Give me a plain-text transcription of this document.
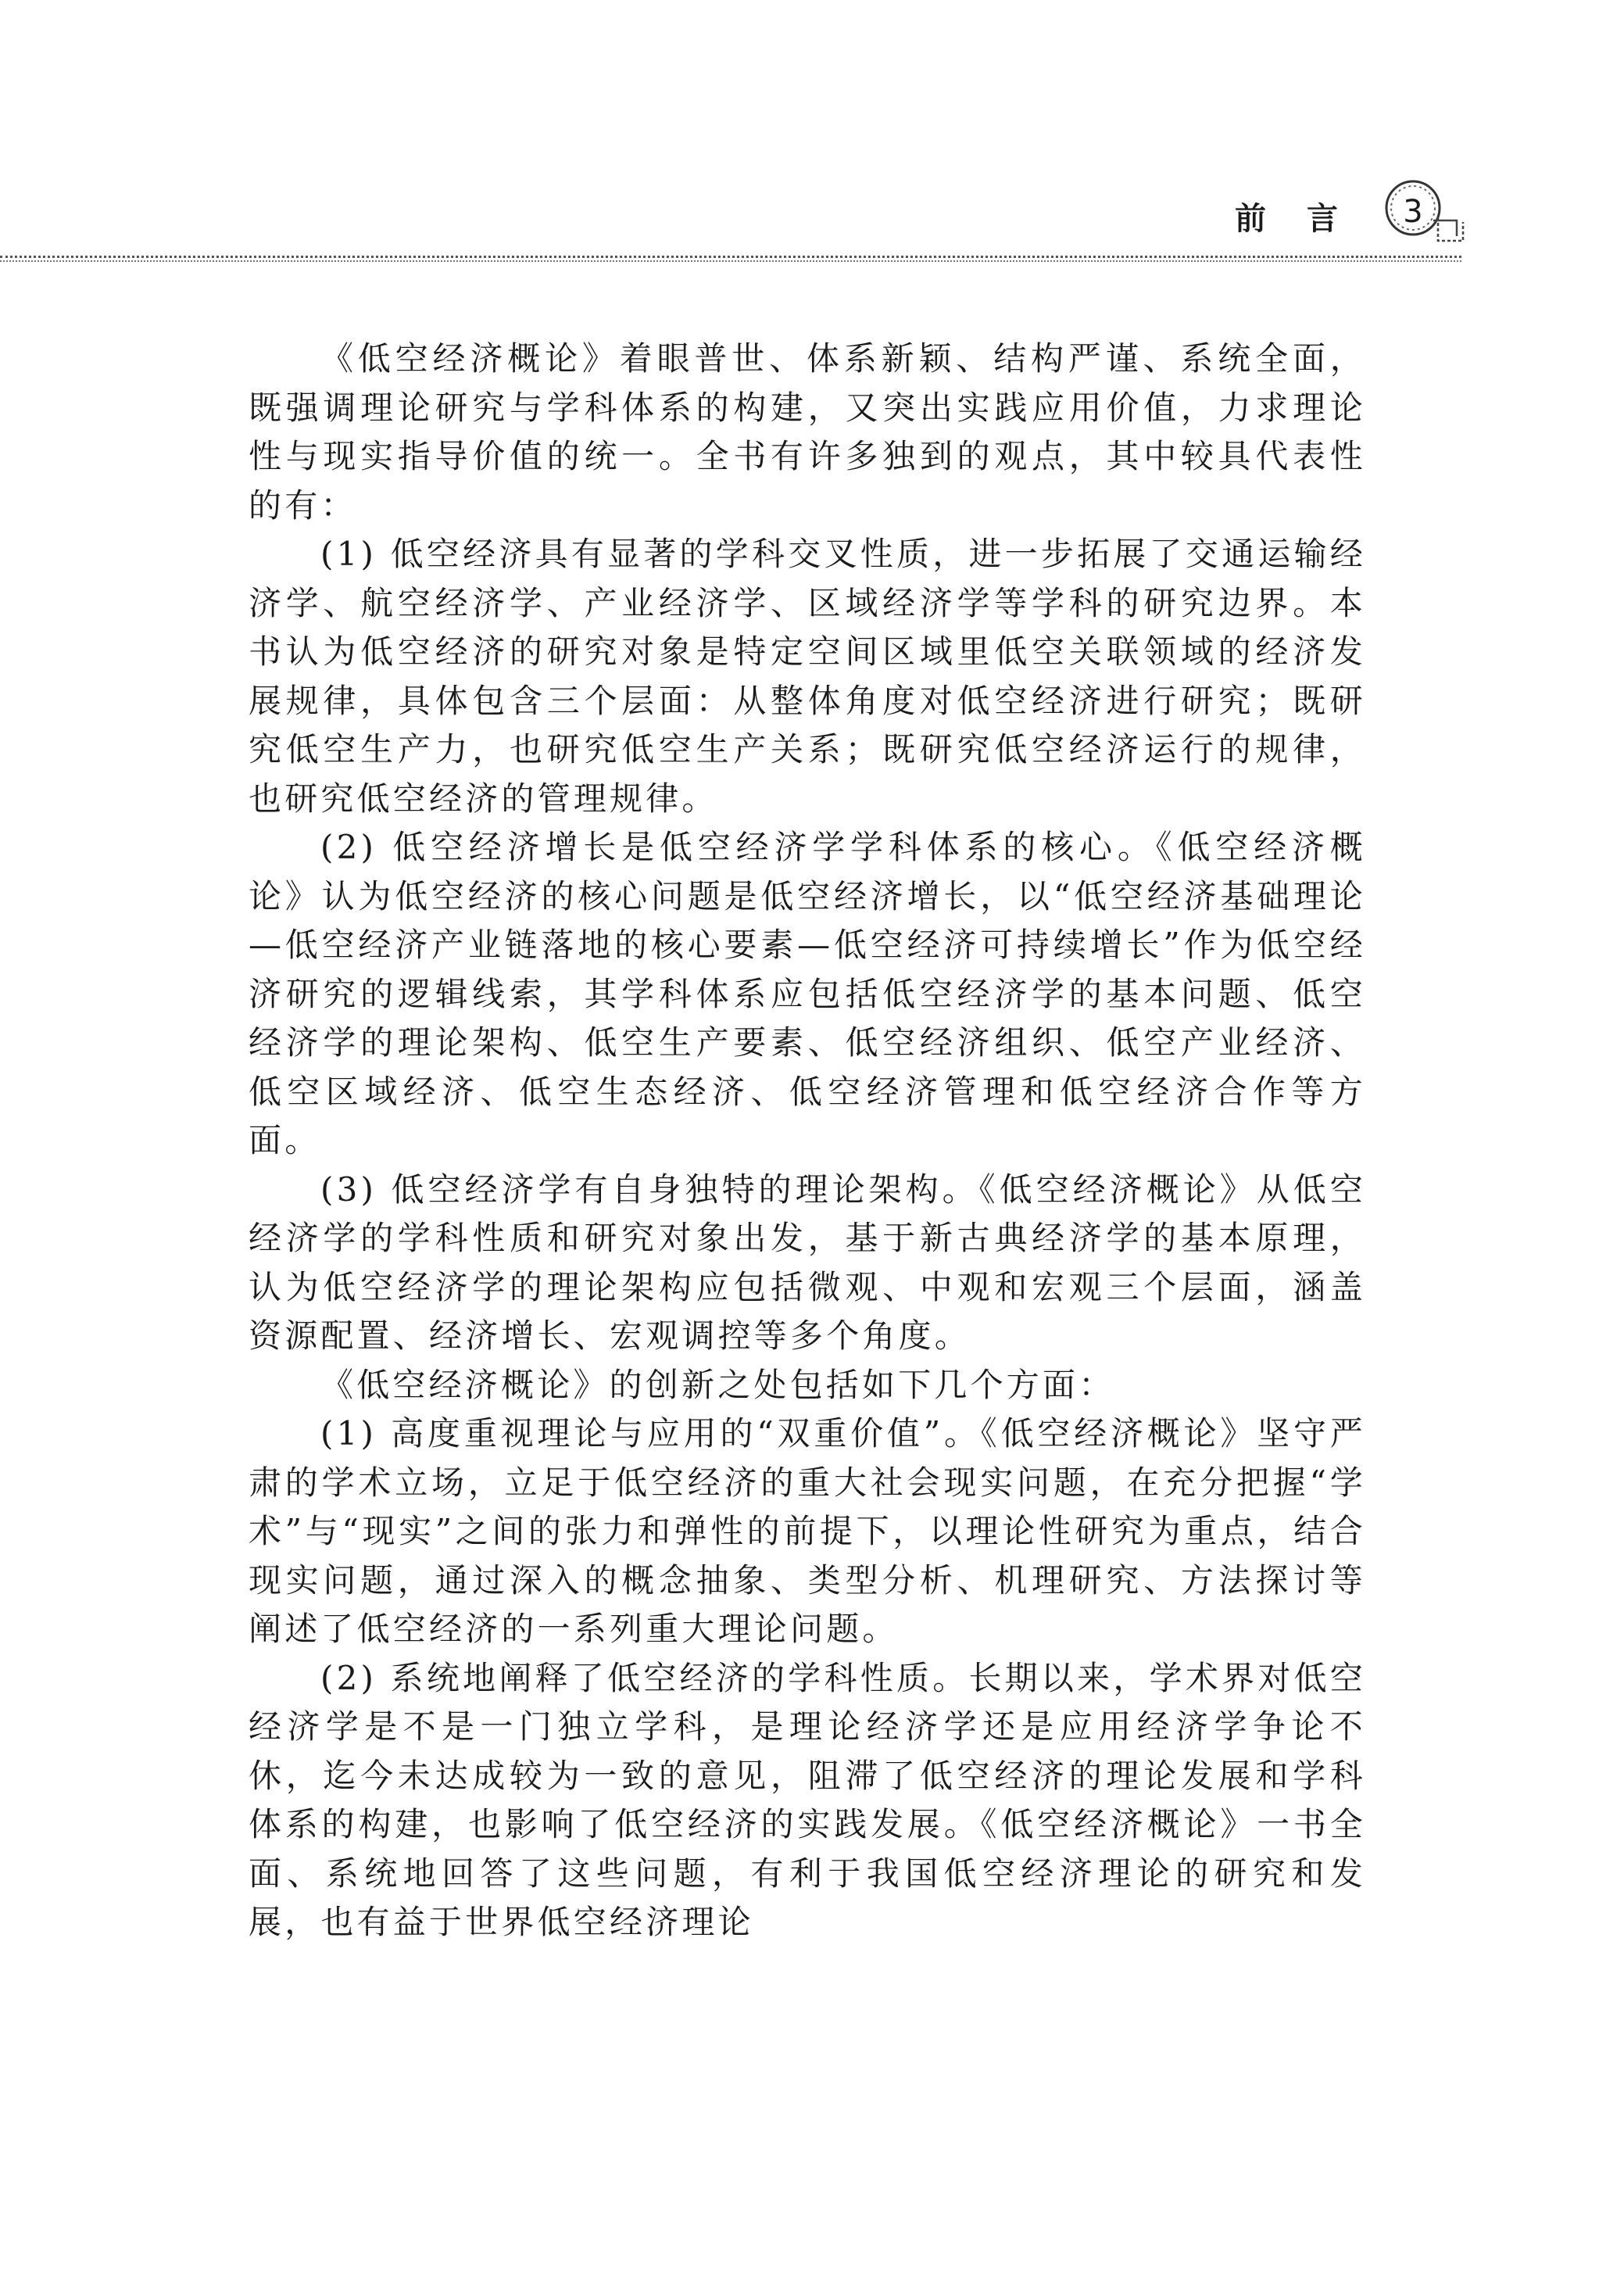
前言 3

《低空经济概论》着眼普世、体系新颖、结构严谨、系统全面，既强调理论研究与学科体系的构建，又突出实践应用价值，力求理论性与现实指导价值的统一。全书有许多独到的观点，其中较具代表性的有：

(1) 低空经济具有显著的学科交叉性质，进一步拓展了交通运输经济学、航空经济学、产业经济学、区域经济学等学科的研究边界。本书认为低空经济的研究对象是特定空间区域里低空关联领域的经济发展规律，具体包含三个层面：从整体角度对低空经济进行研究；既研究低空生产力，也研究低空生产关系；既研究低空经济运行的规律，也研究低空经济的管理规律。

(2) 低空经济增长是低空经济学学科体系的核心。《低空经济概论》认为低空经济的核心问题是低空经济增长，以“低空经济基础理论—低空经济产业链落地的核心要素—低空经济可持续增长”作为低空经济研究的逻辑线索，其学科体系应包括低空经济学的基本问题、低空经济学的理论架构、低空生产要素、低空经济组织、低空产业经济、低空区域经济、低空生态经济、低空经济管理和低空经济合作等方面。

(3) 低空经济学有自身独特的理论架构。《低空经济概论》从低空经济学的学科性质和研究对象出发，基于新古典经济学的基本原理，认为低空经济学的理论架构应包括微观、中观和宏观三个层面，涵盖资源配置、经济增长、宏观调控等多个角度。

《低空经济概论》的创新之处包括如下几个方面：

(1) 高度重视理论与应用的“双重价值”。《低空经济概论》坚守严肃的学术立场，立足于低空经济的重大社会现实问题，在充分把握“学术”与“现实”之间的张力和弹性的前提下，以理论性研究为重点，结合现实问题，通过深入的概念抽象、类型分析、机理研究、方法探讨等阐述了低空经济的一系列重大理论问题。

(2) 系统地阐释了低空经济的学科性质。长期以来，学术界对低空经济学是不是一门独立学科，是理论经济学还是应用经济学争论不休，迄今未达成较为一致的意见，阻滞了低空经济的理论发展和学科体系的构建，也影响了低空经济的实践发展。《低空经济概论》一书全面、系统地回答了这些问题，有利于我国低空经济理论的研究和发展，也有益于世界低空经济理论
